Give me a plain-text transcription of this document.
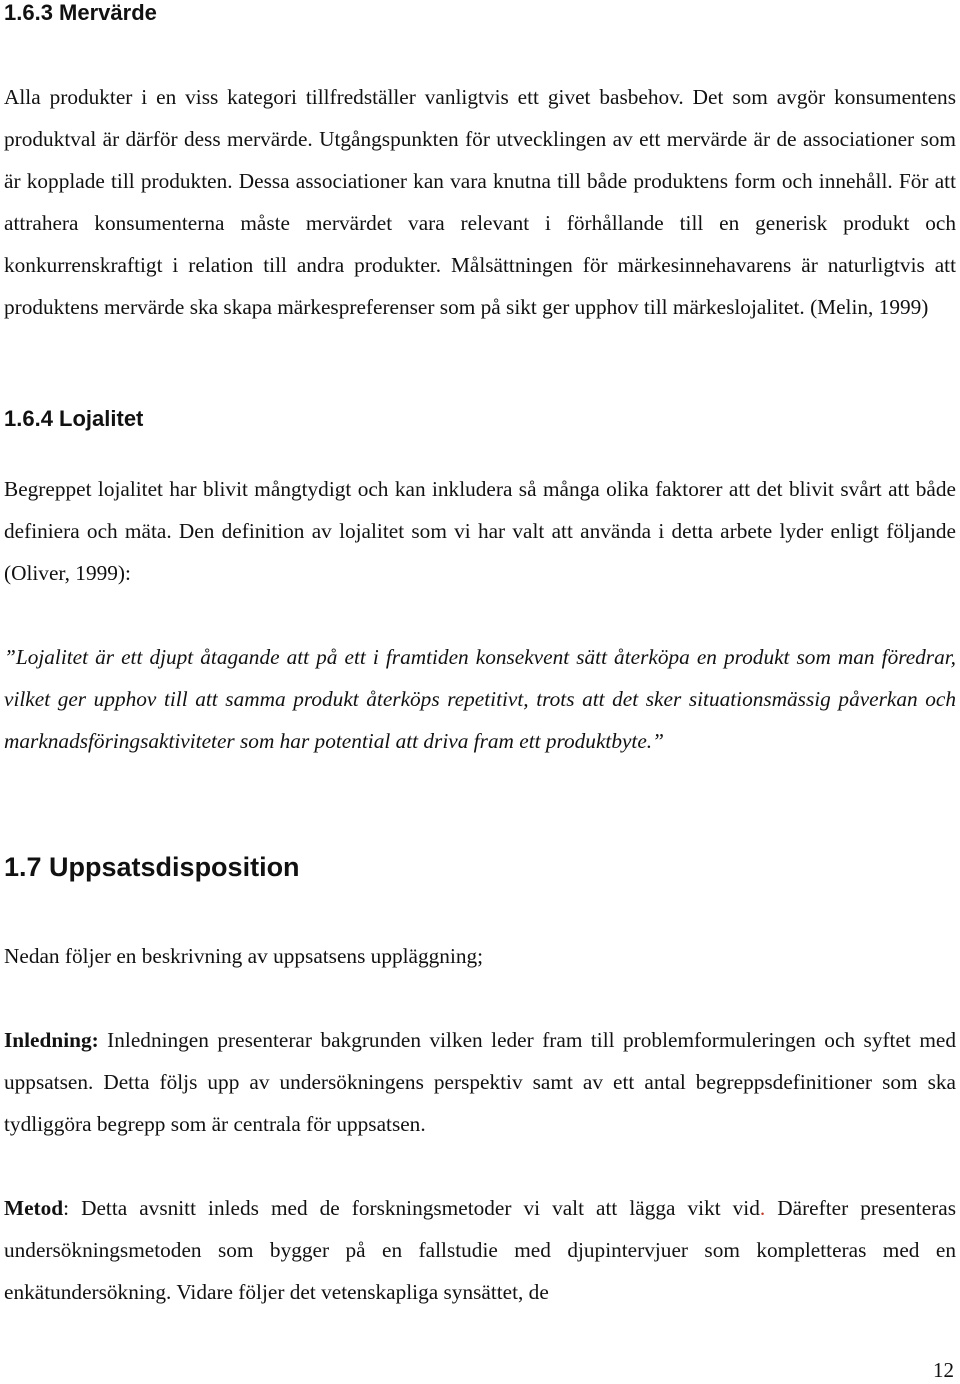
1.6.3 Mervärde

Alla produkter i en viss kategori tillfredställer vanligtvis ett givet basbehov. Det som avgör konsumentens produktval är därför dess mervärde. Utgångspunkten för utvecklingen av ett mervärde är de associationer som är kopplade till produkten. Dessa associationer kan vara knutna till både produktens form och innehåll. För att attrahera konsumenterna måste mervärdet vara relevant i förhållande till en generisk produkt och konkurrenskraftigt i relation till andra produkter. Målsättningen för märkesinnehavarens är naturligtvis att produktens mervärde ska skapa märkespreferenser som på sikt ger upphov till märkeslojalitet. (Melin, 1999)

1.6.4 Lojalitet

Begreppet lojalitet har blivit mångtydigt och kan inkludera så många olika faktorer att det blivit svårt att både definiera och mäta. Den definition av lojalitet som vi har valt att använda i detta arbete lyder enligt följande (Oliver, 1999):

”Lojalitet är ett djupt åtagande att på ett i framtiden konsekvent sätt återköpa en produkt som man föredrar, vilket ger upphov till att samma produkt återköps repetitivt, trots att det sker situationsmässig påverkan och marknadsföringsaktiviteter som har potential att driva fram ett produktbyte.”

1.7 Uppsatsdisposition

Nedan följer en beskrivning av uppsatsens uppläggning;

Inledning: Inledningen presenterar bakgrunden vilken leder fram till problemformuleringen och syftet med uppsatsen. Detta följs upp av undersökningens perspektiv samt av ett antal begreppsdefinitioner som ska tydliggöra begrepp som är centrala för uppsatsen.

Metod: Detta avsnitt inleds med de forskningsmetoder vi valt att lägga vikt vid. Därefter presenteras undersökningsmetoden som bygger på en fallstudie med djupintervjuer som kompletteras med en enkätundersökning. Vidare följer det vetenskapliga synsättet, de

12
